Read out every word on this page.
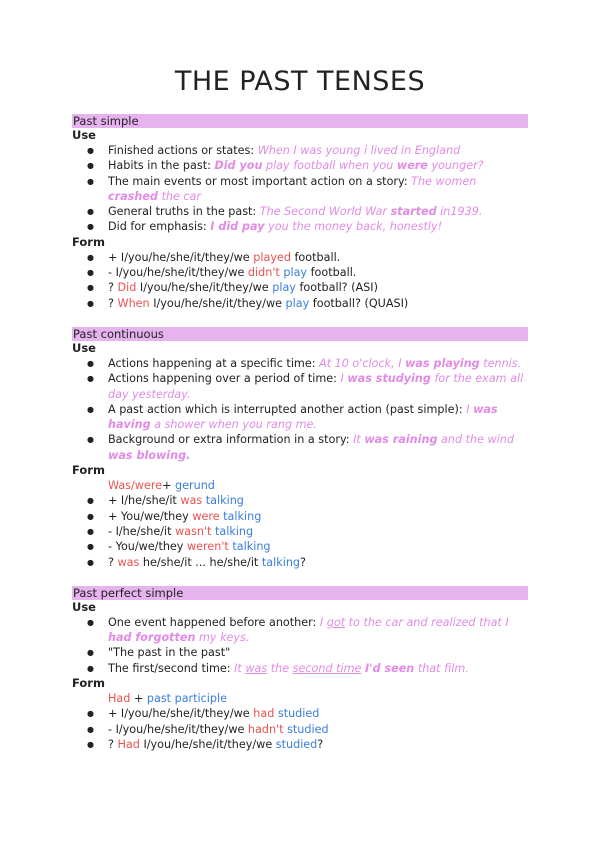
THE PAST TENSES
Past simple
Use
● Finished actions or states: When I was young i lived in England
● Habits in the past: Did you play football when you were younger?
● The main events or most important action on a story: The women crashed the car
● General truths in the past: The Second World War started in1939.
● Did for emphasis: I did pay you the money back, honestly!
Form
● + I/you/he/she/it/they/we played football.
● - I/you/he/she/it/they/we didn't play football.
● ? Did I/you/he/she/it/they/we play football? (ASI)
● ? When I/you/he/she/it/they/we play football? (QUASI)
Past continuous
Use
● Actions happening at a specific time: At 10 o'clock, I was playing tennis.
● Actions happening over a period of time: I was studying for the exam all day yesterday.
● A past action which is interrupted another action (past simple): I was having a shower when you rang me.
● Background or extra information in a story: It was raining and the wind was blowing.
Form
Was/were+ gerund
● + I/he/she/it was talking
● + You/we/they were talking
● - I/he/she/it wasn't talking
● - You/we/they weren't talking
● ? was he/she/it ... he/she/it talking?
Past perfect simple
Use
● One event happened before another: I got to the car and realized that I had forgotten my keys.
● "The past in the past"
● The first/second time: It was the second time I'd seen that film.
Form
Had + past participle
● + I/you/he/she/it/they/we had studied
● - I/you/he/she/it/they/we hadn't studied
● ? Had I/you/he/she/it/they/we studied?
